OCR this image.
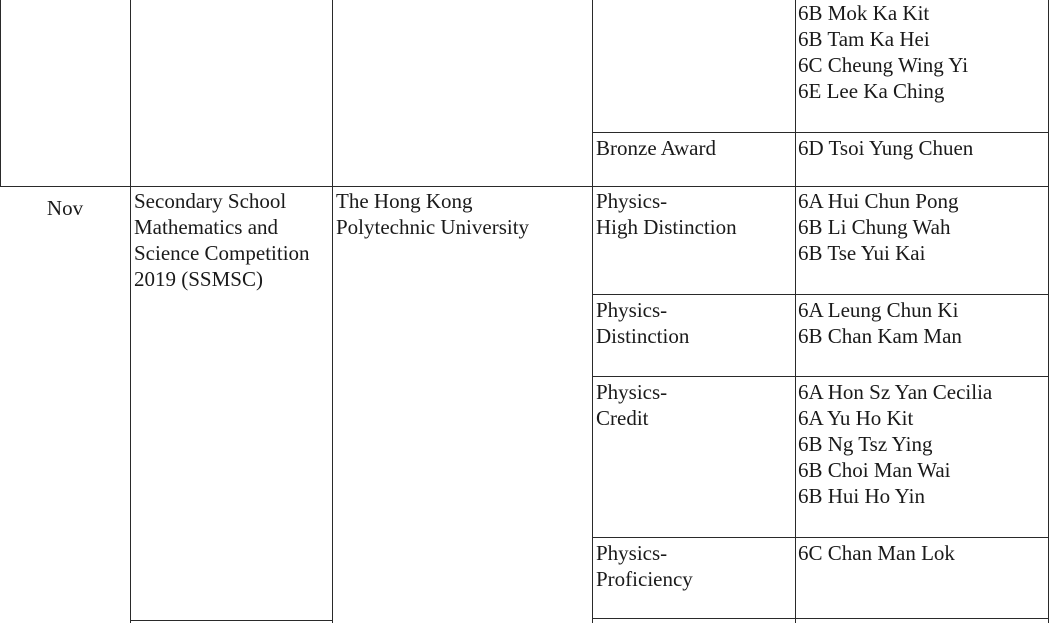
6B Mok Ka Kit
6B Tam Ka Hei
6C Cheung Wing Yi
6E Lee Ka Ching
Bronze Award	6D Tsoi Yung Chuen
Nov	Secondary School
Mathematics and
Science Competition
2019 (SSMSC)
The Hong Kong
Polytechnic University
Physics-
High Distinction
6A Hui Chun Pong
6B Li Chung Wah
6B Tse Yui Kai
Physics-
Distinction
6A Leung Chun Ki
6B Chan Kam Man
Physics-
Credit
6A Hon Sz Yan Cecilia
6A Yu Ho Kit
6B Ng Tsz Ying
6B Choi Man Wai
6B Hui Ho Yin
Physics-
Proficiency
6C Chan Man Lok
